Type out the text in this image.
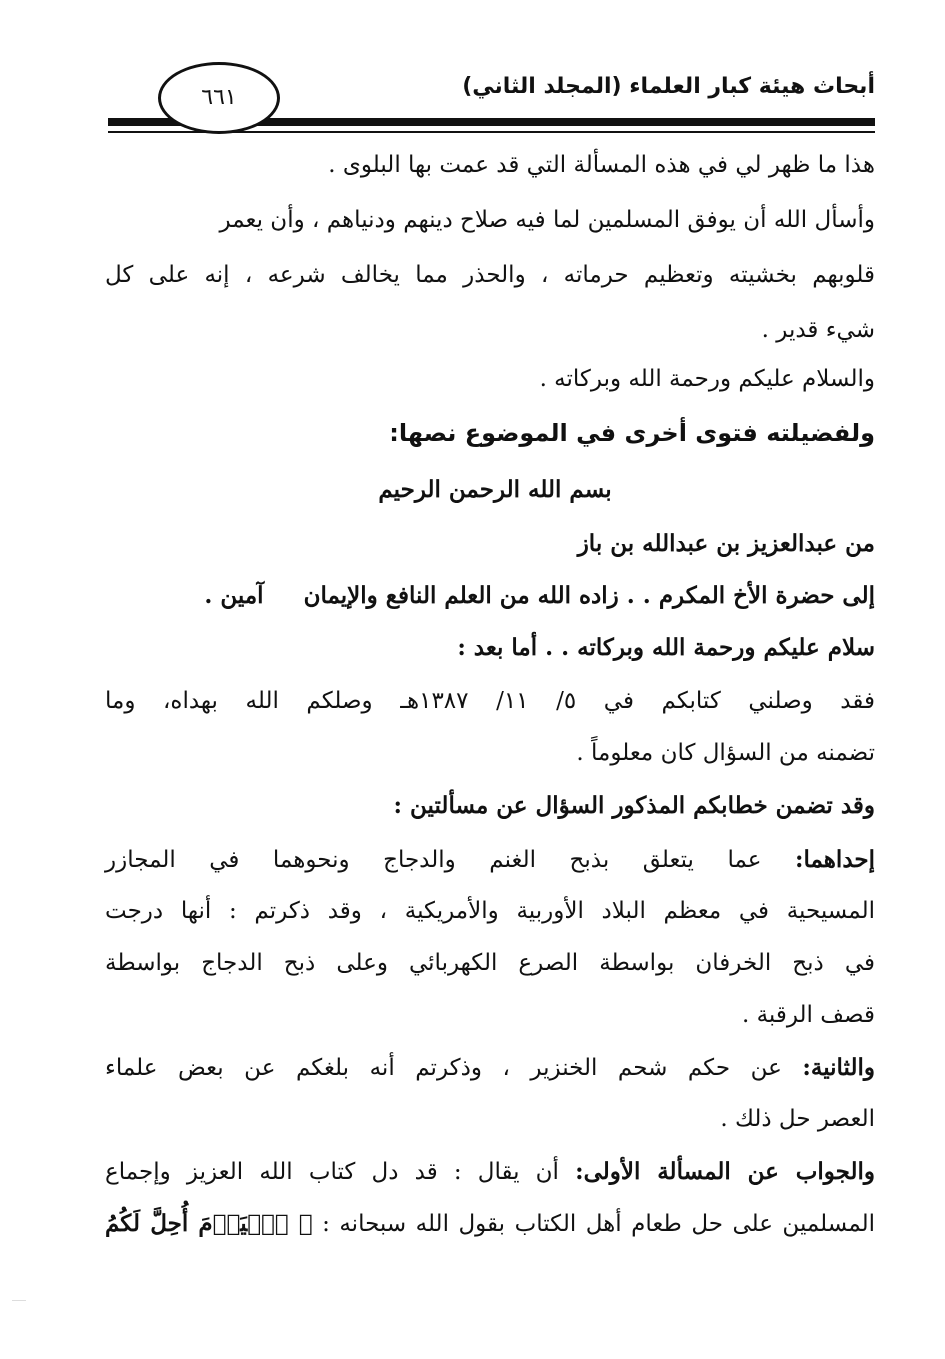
أبحاث هيئة كبار العلماء (المجلد الثاني)
٦٦١
هذا ما ظهر لي في هذه المسألة التي قد عمت بها البلوى .
وأسأل الله أن يوفق المسلمين لما فيه صلاح دينهم ودنياهم ، وأن يعمر
قلوبهم بخشيته وتعظيم حرماته ، والحذر مما يخالف شرعه ، إنه على كل
شيء قدير .
والسلام عليكم ورحمة الله وبركاته .
ولفضيلته فتوى أخرى في الموضوع نصها:
بسم الله الرحمن الرحيم
من عبدالعزيز بن عبدالله بن باز
إلى حضرة الأخ المكرم . . زاده الله من العلم النافع والإيمانآمين .
سلام عليكم ورحمة الله وبركاته . . أما بعد :
فقد وصلني كتابكم في ٥/ ١١/ ١٣٨٧هـ وصلكم الله بهداه، وما
تضمنه من السؤال كان معلوماً .
وقد تضمن خطابكم المذكور السؤال عن مسألتين :
إحداهما: عما يتعلق بذبح الغنم والدجاج ونحوهما في المجازر
المسيحية في معظم البلاد الأوربية والأمريكية ، وقد ذكرتم : أنها درجت
في ذبح الخرفان بواسطة الصرع الكهربائي وعلى ذبح الدجاج بواسطة
قصف الرقبة .
والثانية: عن حكم شحم الخنزير ، وذكرتم أنه بلغكم عن بعض علماء
العصر حل ذلك .
والجواب عن المسألة الأولى: أن يقال : قد دل كتاب الله العزيز وإجماع
المسلمين على حل طعام أهل الكتاب بقول الله سبحانه : ﴿ ٱلۡيَوۡمَ أُحِلَّ لَكُمُ
